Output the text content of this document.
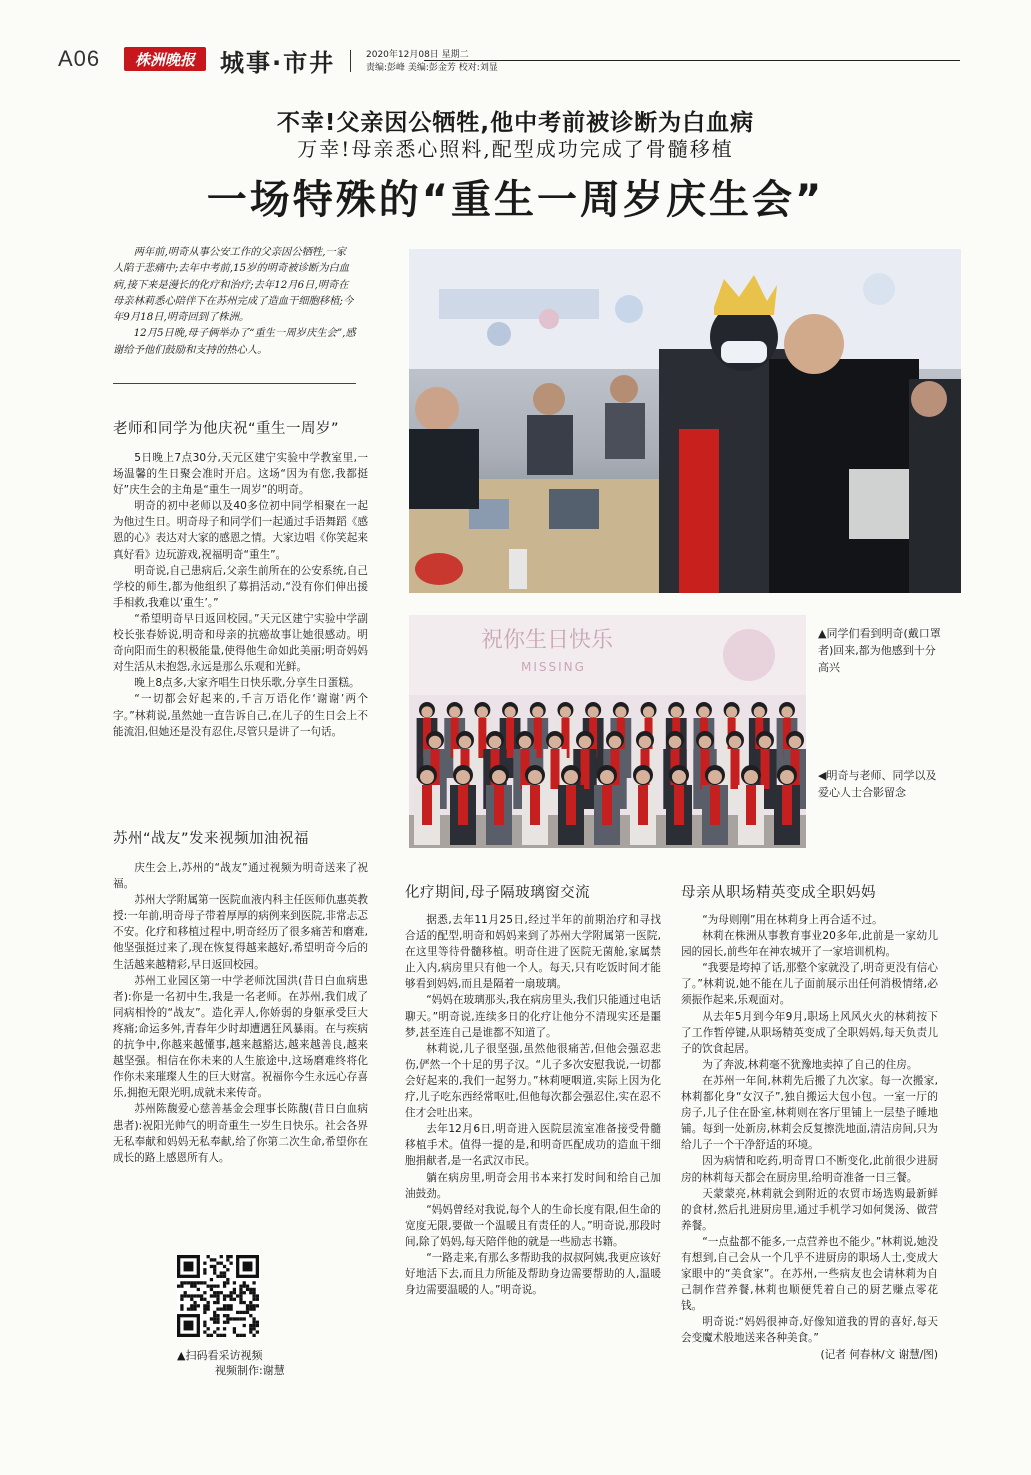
A06	株洲晚报	城事·市井	2020年12月08日 星期二
责编:彭峰 美编:彭金芳 校对:刘显
不幸!父亲因公牺牲,他中考前被诊断为白血病
万幸!母亲悉心照料,配型成功完成了骨髓移植
一场特殊的“重生一周岁庆生会”

两年前,明奇从事公安工作的父亲因公牺牲,一家人陷于悲痛中;去年中考前,15岁的明奇被诊断为白血病,接下来是漫长的化疗和治疗;去年12月6日,明奇在母亲林莉悉心陪伴下在苏州完成了造血干细胞移植;今年9月18日,明奇回到了株洲。

12月5日晚,母子俩举办了“重生一周岁庆生会”,感谢给予他们鼓励和支持的热心人。

老师和同学为他庆祝“重生一周岁”

5日晚上7点30分,天元区建宁实验中学教室里,一场温馨的生日聚会准时开启。这场“因为有您,我都挺好”庆生会的主角是“重生一周岁”的明奇。

明奇的初中老师以及40多位初中同学相聚在一起为他过生日。明奇母子和同学们一起通过手语舞蹈《感恩的心》表达对大家的感恩之情。大家边唱《你笑起来真好看》边玩游戏,祝福明奇“重生”。

明奇说,自己患病后,父亲生前所在的公安系统,自己学校的师生,都为他组织了募捐活动,“没有你们伸出援手相救,我难以‘重生’。”

“希望明奇早日返回校园。”天元区建宁实验中学副校长张春娇说,明奇和母亲的抗癌故事让她很感动。明奇向阳而生的积极能量,使得他生命如此美丽;明奇妈妈对生活从未抱怨,永远是那么乐观和光鲜。

晚上8点多,大家齐唱生日快乐歌,分享生日蛋糕。

“一切都会好起来的,千言万语化作‘谢谢’两个字。”林莉说,虽然她一直告诉自己,在儿子的生日会上不能流泪,但她还是没有忍住,尽管只是讲了一句话。

苏州“战友”发来视频加油祝福

庆生会上,苏州的“战友”通过视频为明奇送来了祝福。

苏州大学附属第一医院血液内科主任医师仇惠英教授:一年前,明奇母子带着厚厚的病例来到医院,非常忐忑不安。化疗和移植过程中,明奇经历了很多痛苦和磨难,他坚强挺过来了,现在恢复得越来越好,希望明奇今后的生活越来越精彩,早日返回校园。

苏州工业园区第一中学老师沈国洪(昔日白血病患者):你是一名初中生,我是一名老师。在苏州,我们成了同病相怜的“战友”。造化弄人,你娇弱的身躯承受巨大疼痛;命运多舛,青春年少时却遭遇狂风暴雨。在与疾病的抗争中,你越来越懂事,越来越豁达,越来越善良,越来越坚强。相信在你未来的人生旅途中,这场磨难终将化作你未来璀璨人生的巨大财富。祝福你今生永远心存喜乐,拥抱无限光明,成就未来传奇。

苏州陈馥爱心慈善基金会理事长陈馥(昔日白血病患者):祝阳光帅气的明奇重生一岁生日快乐。社会各界无私奉献和妈妈无私奉献,给了你第二次生命,希望你在成长的路上感恩所有人。

▲扫码看采访视频
视频制作:谢慧
祝你生日快乐
MISSING
▲同学们看到明奇(戴口罩者)回来,都为他感到十分高兴
◀明奇与老师、同学以及爱心人士合影留念
化疗期间,母子隔玻璃窗交流

据悉,去年11月25日,经过半年的前期治疗和寻找合适的配型,明奇和妈妈来到了苏州大学附属第一医院,在这里等待骨髓移植。明奇住进了医院无菌舱,家属禁止入内,病房里只有他一个人。每天,只有吃饭时间才能够看到妈妈,而且是隔着一扇玻璃。

“妈妈在玻璃那头,我在病房里头,我们只能通过电话聊天。”明奇说,连续多日的化疗让他分不清现实还是噩梦,甚至连自己是谁都不知道了。

林莉说,儿子很坚强,虽然他很痛苦,但他会强忍悲伤,俨然一个十足的男子汉。“儿子多次安慰我说,一切都会好起来的,我们一起努力。”林莉哽咽道,实际上因为化疗,儿子吃东西经常呕吐,但他每次都会强忍住,实在忍不住才会吐出来。

去年12月6日,明奇进入医院层流室准备接受骨髓移植手术。值得一提的是,和明奇匹配成功的造血干细胞捐献者,是一名武汉市民。

躺在病房里,明奇会用书本来打发时间和给自己加油鼓劲。

“妈妈曾经对我说,每个人的生命长度有限,但生命的宽度无限,要做一个温暖且有责任的人。”明奇说,那段时间,除了妈妈,每天陪伴他的就是一些励志书籍。

“一路走来,有那么多帮助我的叔叔阿姨,我更应该好好地活下去,而且力所能及帮助身边需要帮助的人,温暖身边需要温暖的人。”明奇说。

母亲从职场精英变成全职妈妈

“为母则刚”用在林莉身上再合适不过。

林莉在株洲从事教育事业20多年,此前是一家幼儿园的园长,前些年在神农城开了一家培训机构。

“我要是垮掉了话,那整个家就没了,明奇更没有信心了。”林莉说,她不能在儿子面前展示出任何消极情绪,必须振作起来,乐观面对。

从去年5月到今年9月,职场上风风火火的林莉按下了工作暂停键,从职场精英变成了全职妈妈,每天负责儿子的饮食起居。

为了奔波,林莉毫不犹豫地卖掉了自己的住房。

在苏州一年间,林莉先后搬了九次家。每一次搬家,林莉都化身“女汉子”,独自搬运大包小包。一室一厅的房子,儿子住在卧室,林莉则在客厅里铺上一层垫子睡地铺。每到一处新房,林莉会反复擦洗地面,清洁房间,只为给儿子一个干净舒适的环境。

因为病情和吃药,明奇胃口不断变化,此前很少进厨房的林莉每天都会在厨房里,给明奇准备一日三餐。

天蒙蒙亮,林莉就会到附近的农贸市场选购最新鲜的食材,然后扎进厨房里,通过手机学习如何煲汤、做营养餐。

“一点盐都不能多,一点营养也不能少。”林莉说,她没有想到,自己会从一个几乎不进厨房的职场人士,变成大家眼中的“美食家”。在苏州,一些病友也会请林莉为自己制作营养餐,林莉也顺便凭着自己的厨艺赚点零花钱。

明奇说:“妈妈很神奇,好像知道我的胃的喜好,每天会变魔术般地送来各种美食。”

(记者 何春林/文 谢慧/图)
